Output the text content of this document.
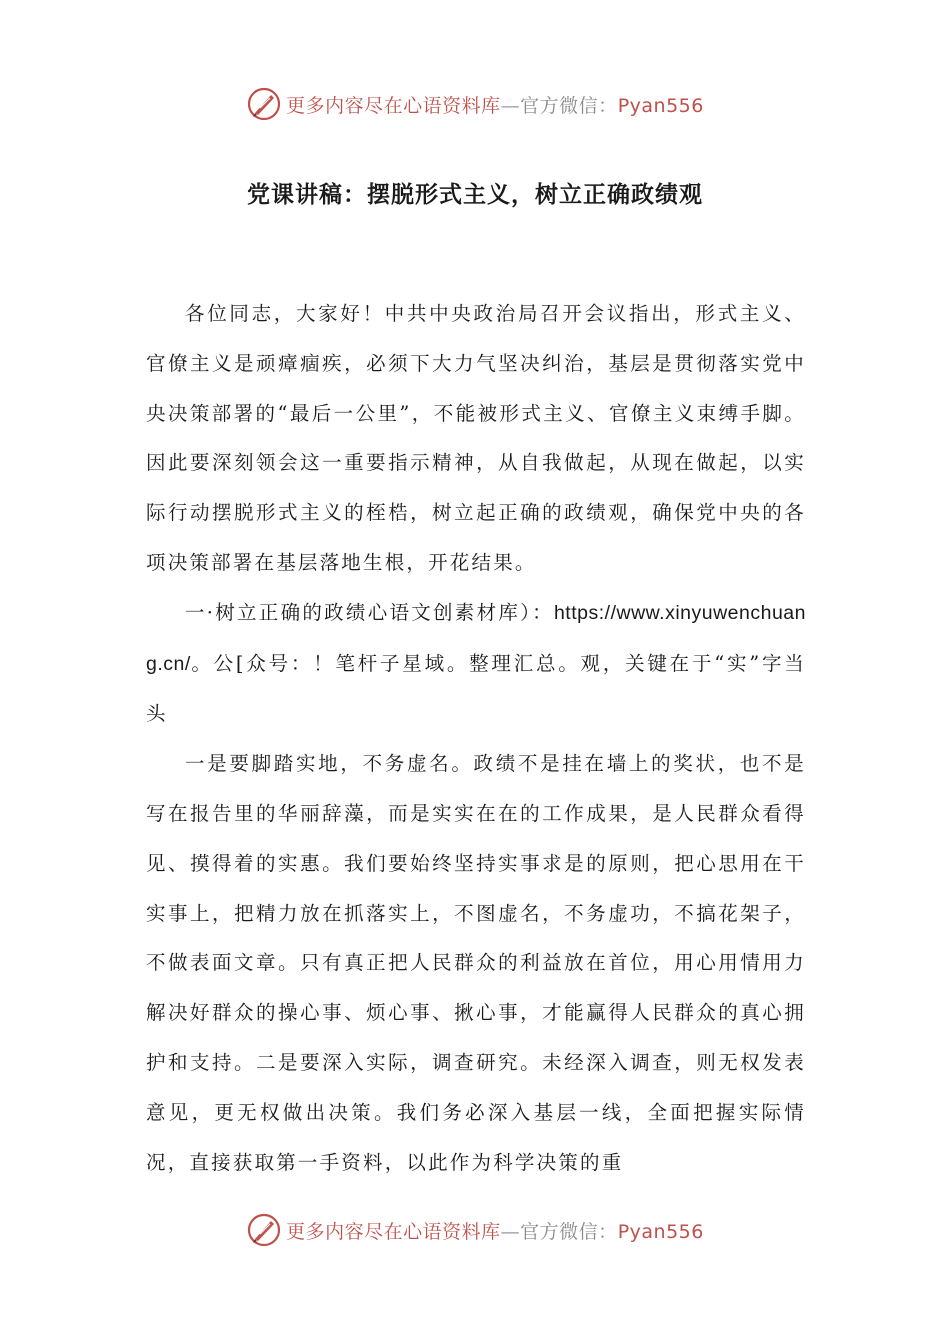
更多内容尽在心语资料库—官方微信：Pyan556
党课讲稿：摆脱形式主义，树立正确政绩观

各位同志，大家好！中共中央政治局召开会议指出，形式主义、官僚主义是顽瘴痼疾，必须下大力气坚决纠治，基层是贯彻落实党中央决策部署的“最后一公里”，不能被形式主义、官僚主义束缚手脚。因此要深刻领会这一重要指示精神，从自我做起，从现在做起，以实际行动摆脱形式主义的桎梏，树立起正确的政绩观，确保党中央的各项决策部署在基层落地生根，开花结果。

一·树立正确的政绩心语文创素材库）：https://www.xinyuwenchuang.cn/。公[众号：！笔杆子星域。整理汇总。观，关键在于“实”字当头

一是要脚踏实地，不务虚名。政绩不是挂在墙上的奖状，也不是写在报告里的华丽辞藻，而是实实在在的工作成果，是人民群众看得见、摸得着的实惠。我们要始终坚持实事求是的原则，把心思用在干实事上，把精力放在抓落实上，不图虚名，不务虚功，不搞花架子，不做表面文章。只有真正把人民群众的利益放在首位，用心用情用力解决好群众的操心事、烦心事、揪心事，才能赢得人民群众的真心拥护和支持。二是要深入实际，调查研究。未经深入调查，则无权发表意见，更无权做出决策。我们务必深入基层一线，全面把握实际情况，直接获取第一手资料，以此作为科学决策的重

更多内容尽在心语资料库—官方微信：Pyan556
